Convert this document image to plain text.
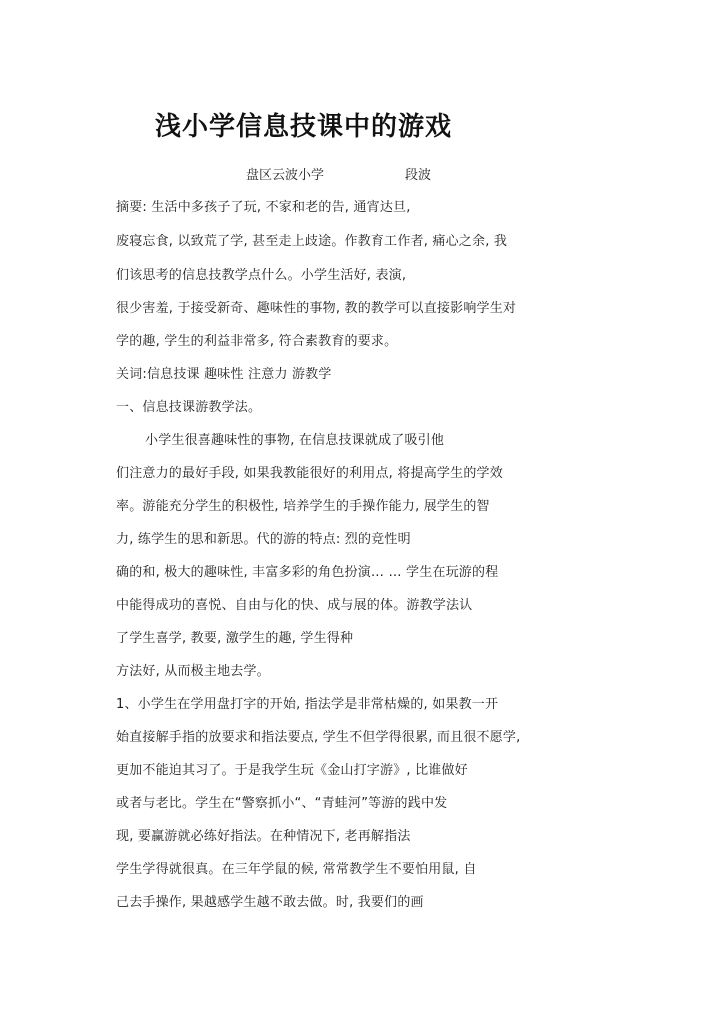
浅小学信息技课中的游戏
盘区云波小学	段波
摘要: 生活中多孩子了玩, 不家和老的告, 通宵达旦,
废寝忘食, 以致荒了学, 甚至走上歧途。作教育工作者, 痛心之余, 我
们该思考的信息技教学点什么。小学生活好, 表演,
很少害羞, 于接受新奇、趣味性的事物, 教的教学可以直接影响学生对
学的趣, 学生的利益非常多, 符合素教育的要求。
关词:信息技课 趣味性 注意力 游教学
一、信息技课游教学法。
小学生很喜趣味性的事物, 在信息技课就成了吸引他
们注意力的最好手段, 如果我教能很好的利用点, 将提高学生的学效
率。游能充分学生的积极性, 培养学生的手操作能力, 展学生的智
力, 练学生的思和新思。代的游的特点: 烈的竞性明
确的和, 极大的趣味性, 丰富多彩的角色扮演… … 学生在玩游的程
中能得成功的喜悦、自由与化的快、成与展的体。游教学法认
了学生喜学, 教要, 激学生的趣, 学生得种
方法好, 从而极主地去学。
1、小学生在学用盘打字的开始, 指法学是非常枯燥的, 如果教一开
始直接解手指的放要求和指法要点, 学生不但学得很累, 而且很不愿学,
更加不能迫其习了。于是我学生玩《金山打字游》, 比谁做好
或者与老比。学生在“警察抓小“、“青蛙河”等游的践中发
现, 要赢游就必练好指法。在种情况下, 老再解指法
学生学得就很真。在三年学鼠的候, 常常教学生不要怕用鼠, 自
己去手操作, 果越感学生越不敢去做。时, 我要们的画
